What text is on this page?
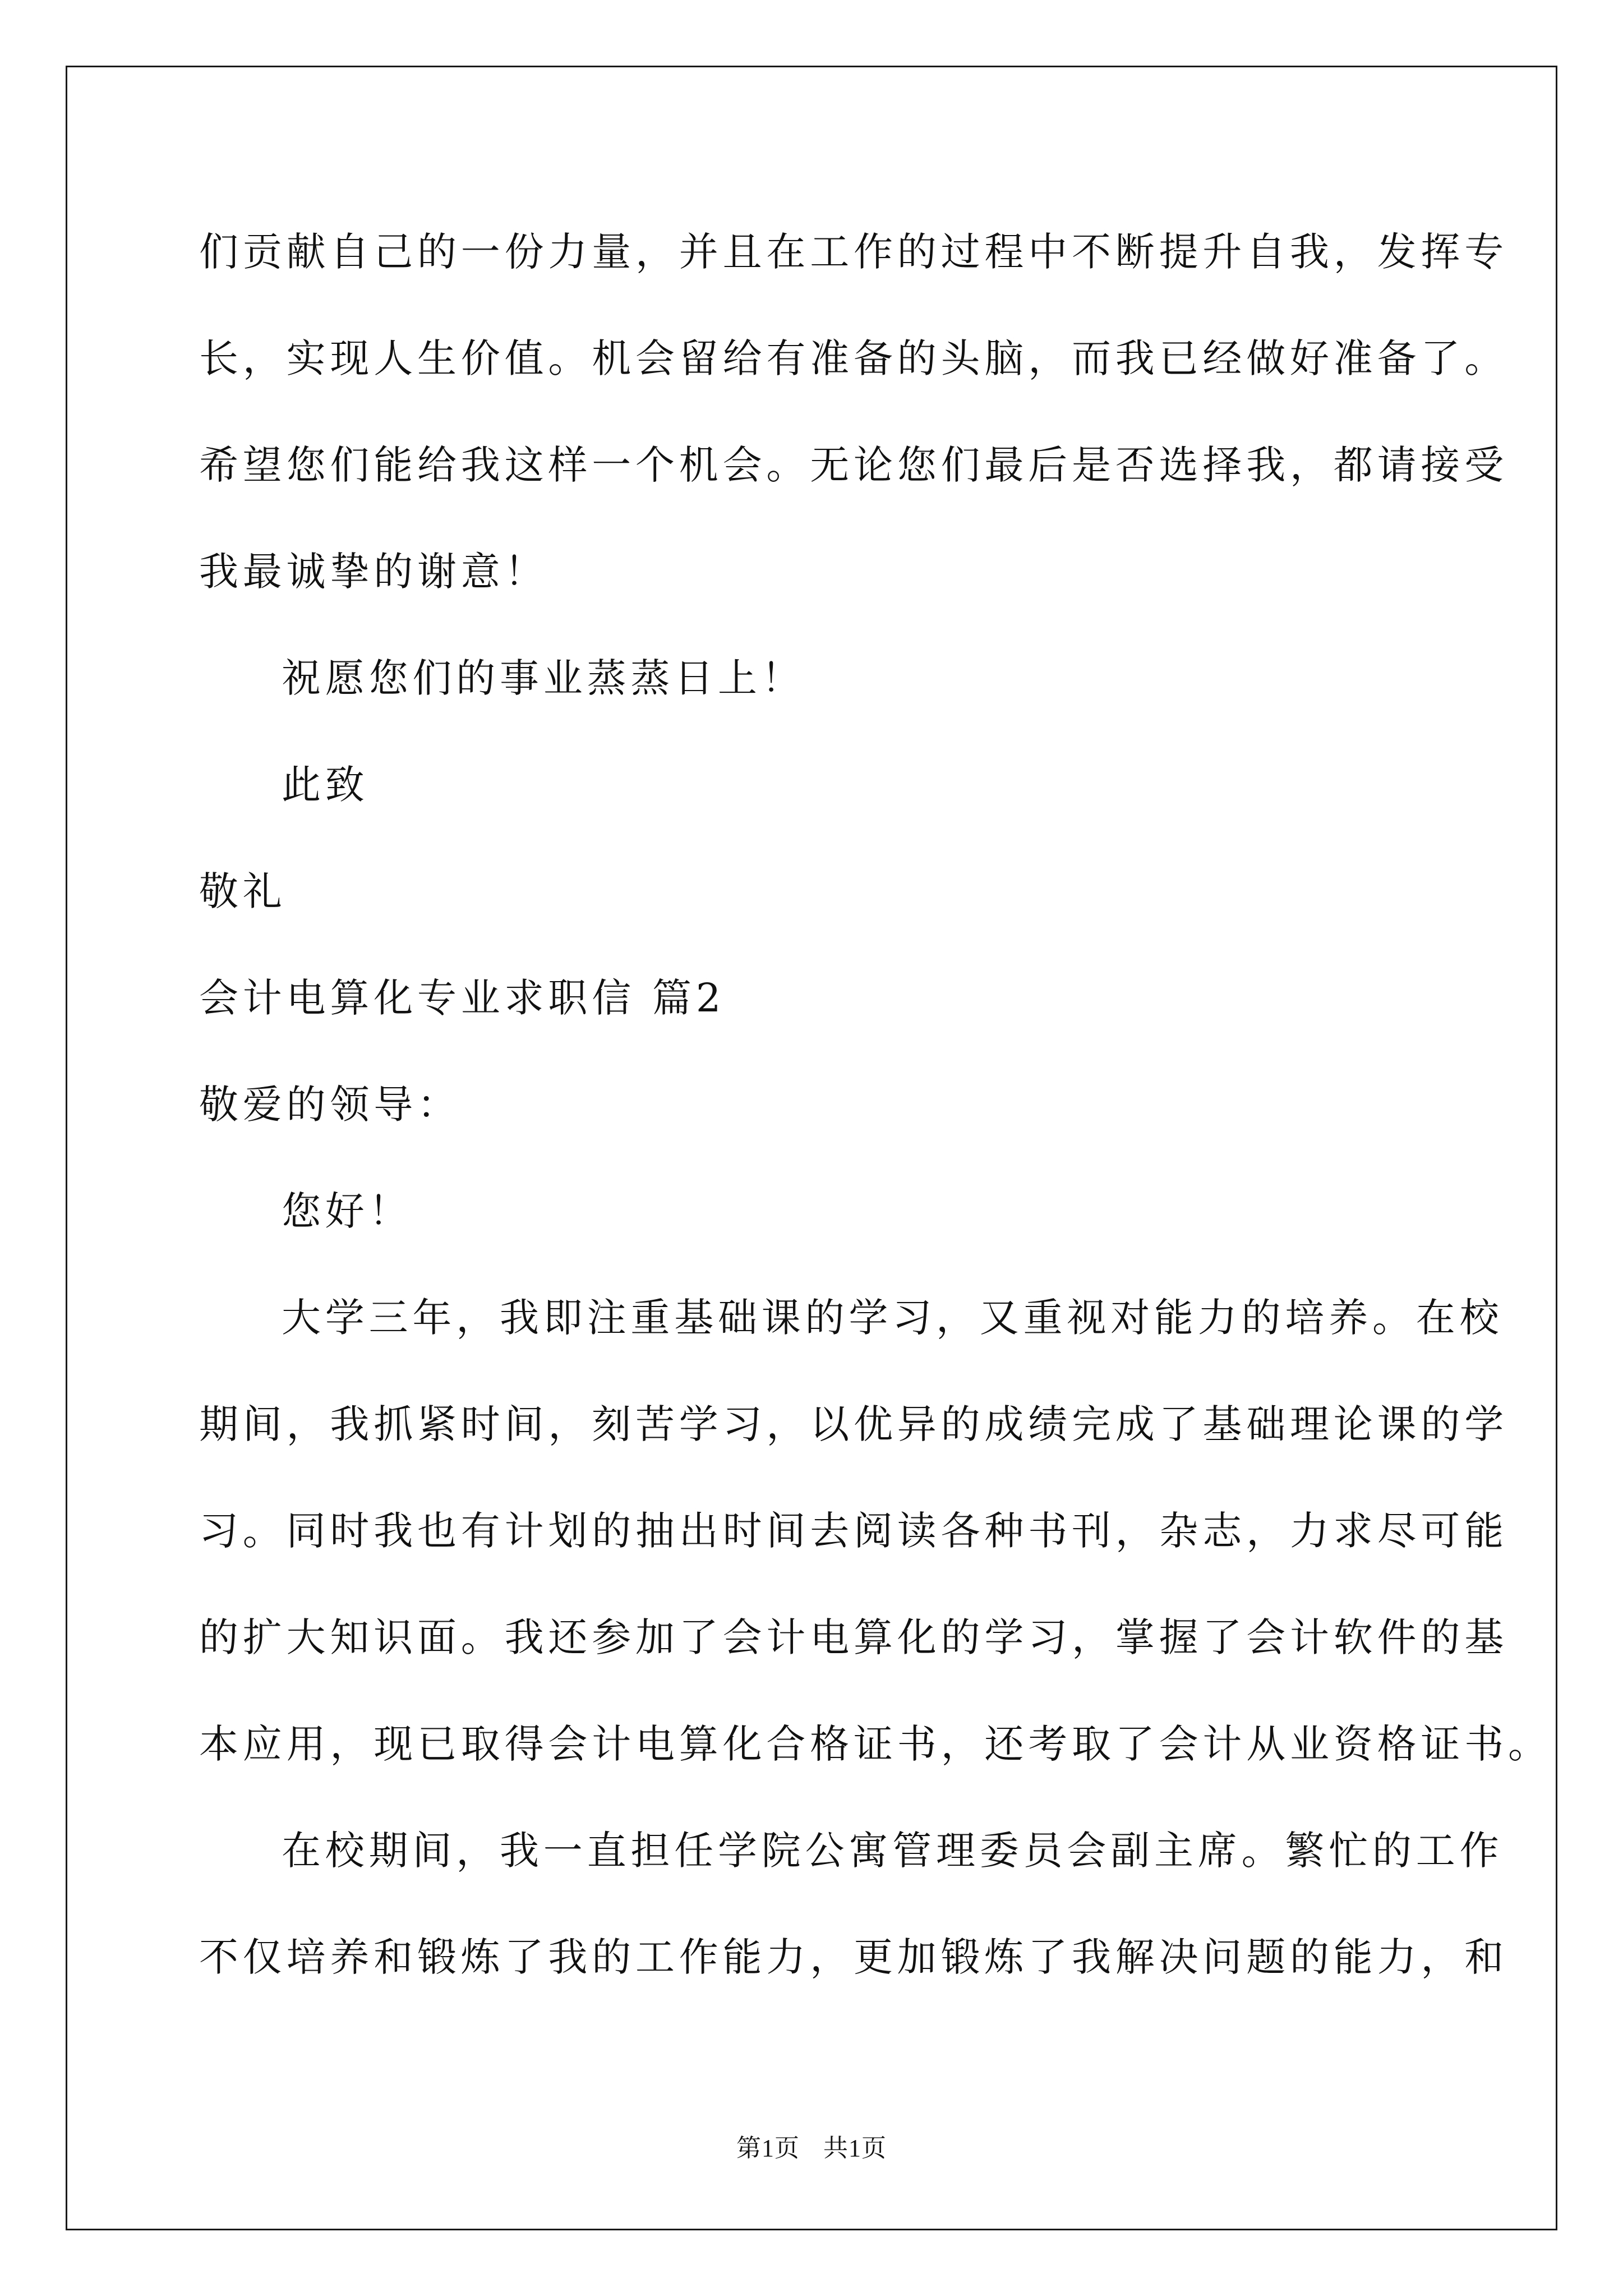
们贡献自己的一份力量，并且在工作的过程中不断提升自我，发挥专
长，实现人生价值。机会留给有准备的头脑，而我已经做好准备了。
希望您们能给我这样一个机会。无论您们最后是否选择我，都请接受
我最诚挚的谢意！
祝愿您们的事业蒸蒸日上！
此致
敬礼
会计电算化专业求职信 篇2
敬爱的领导：
您好！
大学三年，我即注重基础课的学习，又重视对能力的培养。在校
期间，我抓紧时间，刻苦学习，以优异的成绩完成了基础理论课的学
习。同时我也有计划的抽出时间去阅读各种书刊，杂志，力求尽可能
的扩大知识面。我还参加了会计电算化的学习，掌握了会计软件的基
本应用，现已取得会计电算化合格证书，还考取了会计从业资格证书。
在校期间，我一直担任学院公寓管理委员会副主席。繁忙的工作
不仅培养和锻炼了我的工作能力，更加锻炼了我解决问题的能力，和
第1页 共1页
